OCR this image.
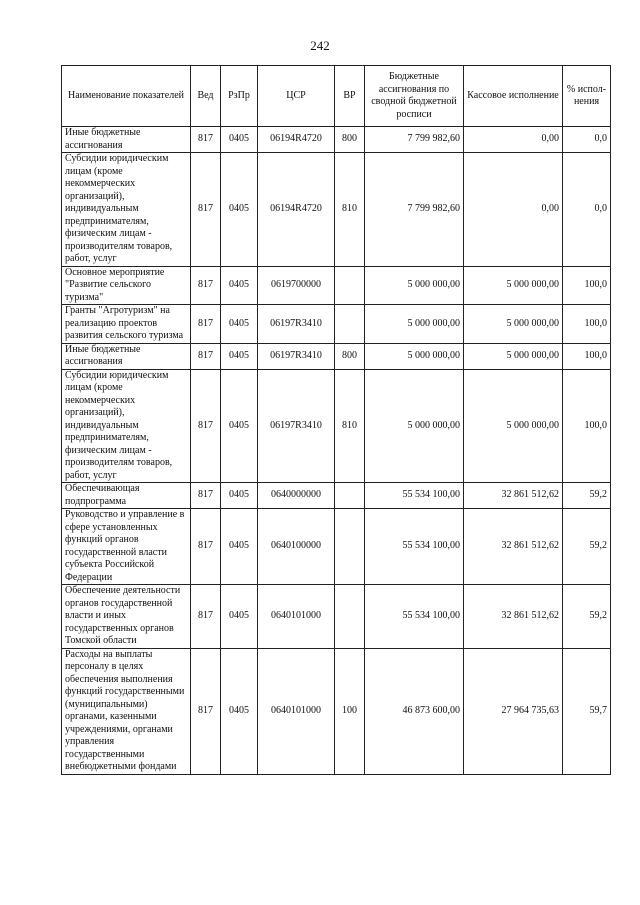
242
Наименование показателей	Вед	РзПр	ЦСР	ВР	Бюджетные ассигнования по сводной бюджетной росписи	Кассовое исполнение	% испол-нения
Иные бюджетные ассигнования	817	0405	06194R4720	800	7 799 982,60	0,00	0,0
Субсидии юридическим лицам (кроме некоммерческих организаций), индивидуальным предпринимателям, физическим лицам - производителям товаров, работ, услуг	817	0405	06194R4720	810	7 799 982,60	0,00	0,0
Основное мероприятие "Развитие сельского туризма"	817	0405	0619700000		5 000 000,00	5 000 000,00	100,0
Гранты "Агротуризм" на реализацию проектов развития сельского туризма	817	0405	06197R3410		5 000 000,00	5 000 000,00	100,0
Иные бюджетные ассигнования	817	0405	06197R3410	800	5 000 000,00	5 000 000,00	100,0
Субсидии юридическим лицам (кроме некоммерческих организаций), индивидуальным предпринимателям, физическим лицам - производителям товаров, работ, услуг	817	0405	06197R3410	810	5 000 000,00	5 000 000,00	100,0
Обеспечивающая подпрограмма	817	0405	0640000000		55 534 100,00	32 861 512,62	59,2
Руководство и управление в сфере установленных функций органов государственной власти субъекта Российской Федерации	817	0405	0640100000		55 534 100,00	32 861 512,62	59,2
Обеспечение деятельности органов государственной власти и иных государственных органов Томской области	817	0405	0640101000		55 534 100,00	32 861 512,62	59,2
Расходы на выплаты персоналу в целях обеспечения выполнения функций государственными (муниципальными) органами, казенными учреждениями, органами управления государственными внебюджетными фондами	817	0405	0640101000	100	46 873 600,00	27 964 735,63	59,7
